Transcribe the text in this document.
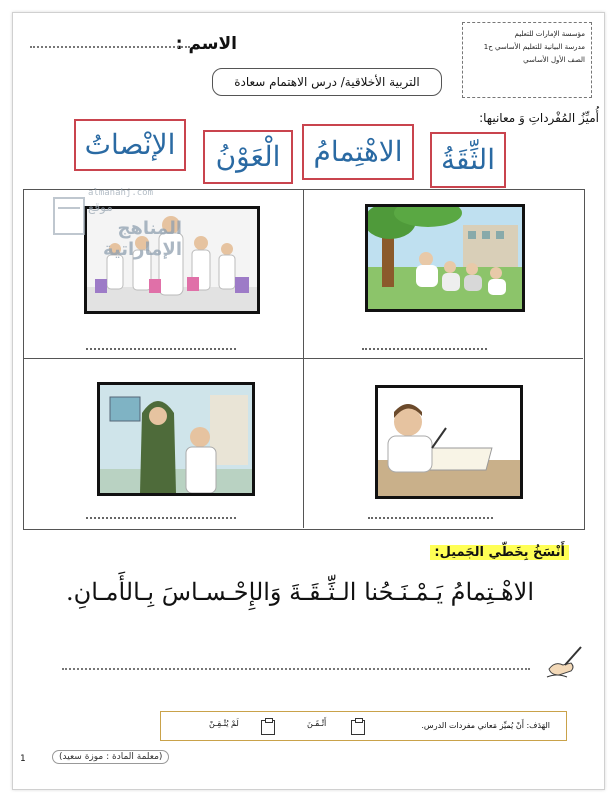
الاسم :	مؤسسة الإمارات للتعليم
مدرسة البيانية للتعليم الأساسي ح1
الصف الأول الأساسي
التربية الأخلاقية/ درس الاهتمام سعادة
أُميِّزُ المُفْرداتِ وَ معانيها:
الثِّقَةُ
الاهْتِمامُ
الْعَوْنُ
الإنْصاتُ
almanahj.com
موقع
المناهج الإماراتية
أَنْسَخُ بِخَطّي الجَميل:
الاهْـتِمامُ يَـمْـنَـحُنا الـثِّـقَـةَ وَالإِحْـسـاسَ بِـالأَمـانِ.
الهَدَف: أَنْ يُميِّز مَعاني مفردات الدرس.
أَتْـقَـنَ
لَمْ يُتْـقِـنْ
(معلمة المادة : موزة سعيد)
1
